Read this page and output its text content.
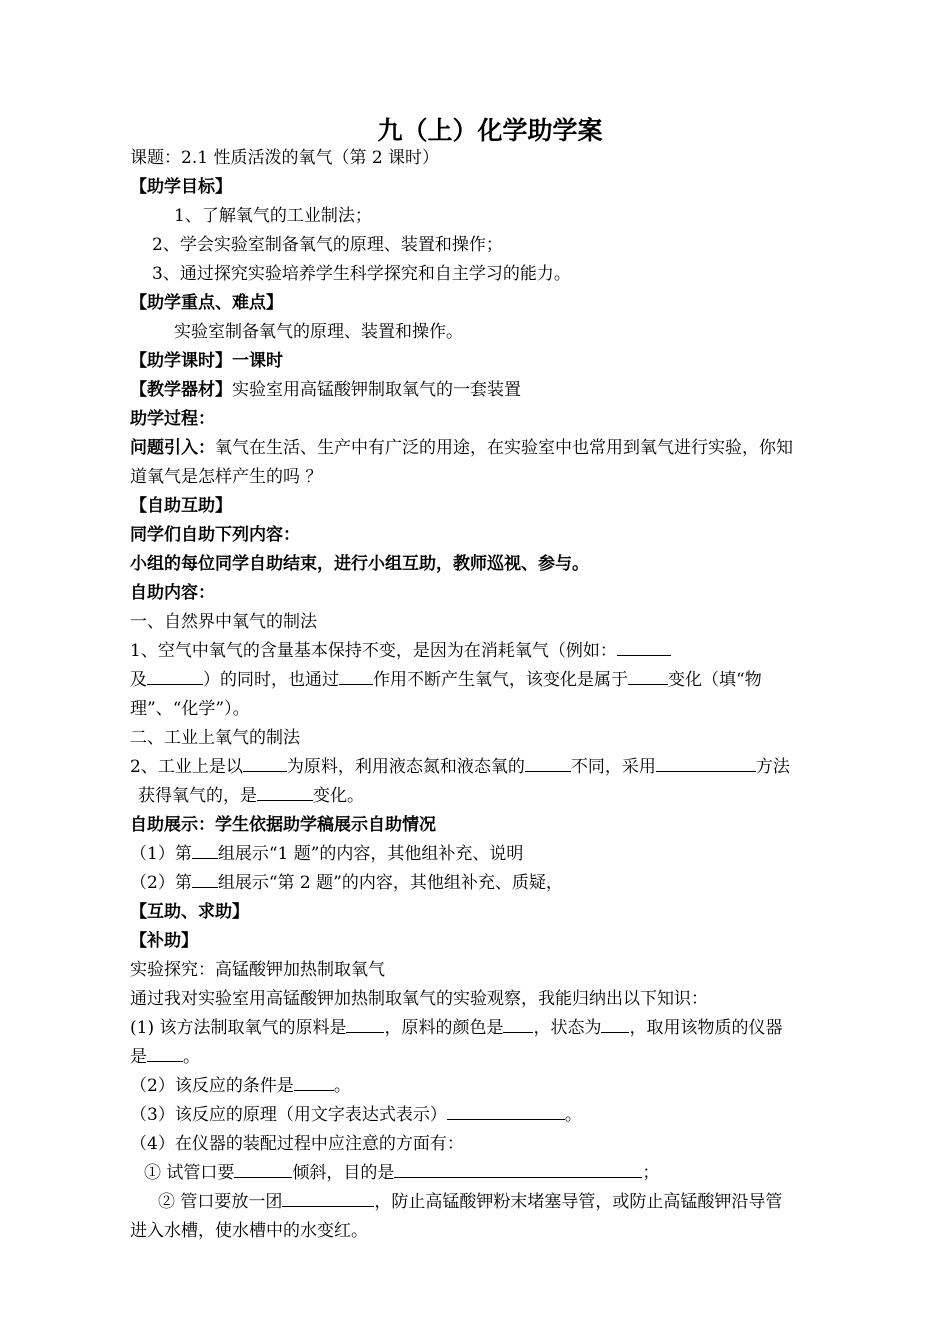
九（上）化学助学案
课题：2.1 性质活泼的氧气（第 2 课时）
【助学目标】
1、了解氧气的工业制法；
2、学会实验室制备氧气的原理、装置和操作；
3、通过探究实验培养学生科学探究和自主学习的能力。
【助学重点、难点】
实验室制备氧气的原理、装置和操作。
【助学课时】一课时
【教学器材】实验室用高锰酸钾制取氧气的一套装置
助学过程：
问题引入：氧气在生活、生产中有广泛的用途，在实验室中也常用到氧气进行实验，你知
道氧气是怎样产生的吗 ？
【自助互助】
同学们自助下列内容：
小组的每位同学自助结束，进行小组互助，教师巡视、参与。
自助内容：
一、自然界中氧气的制法
1、空气中氧气的含量基本保持不变，是因为在消耗氧气（例如：
及	）的同时，也通过 作用不断产生氧气，该变化是属于 变化（填“物
理”、“化学”）。
二、工业上氧气的制法
2、工业上是以	为原料，利用液态氮和液态氧的	不同，采用	方法
获得氧气的，是	变化。
自助展示：学生依据助学稿展示自助情况
（1）第 组展示“1 题”的内容，其他组补充、说明
（2）第 组展示“第 2 题”的内容，其他组补充、质疑，
【互助、求助】
【补助】
实验探究：高锰酸钾加热制取氧气
通过我对实验室用高锰酸钾加热制取氧气的实验观察，我能归纳出以下知识：
(1) 该方法制取氧气的原料是 ，原料的颜色是 ，状态为 ，取用该物质的仪器
是 。
（2）该反应的条件是 。
（3）该反应的原理（用文字表达式表示）	。
（4）在仪器的装配过程中应注意的方面有：
① 试管口要	倾斜，目的是	；
② 管口要放一团	，防止高锰酸钾粉末堵塞导管，或防止高锰酸钾沿导管
进入水槽，使水槽中的水变红。
